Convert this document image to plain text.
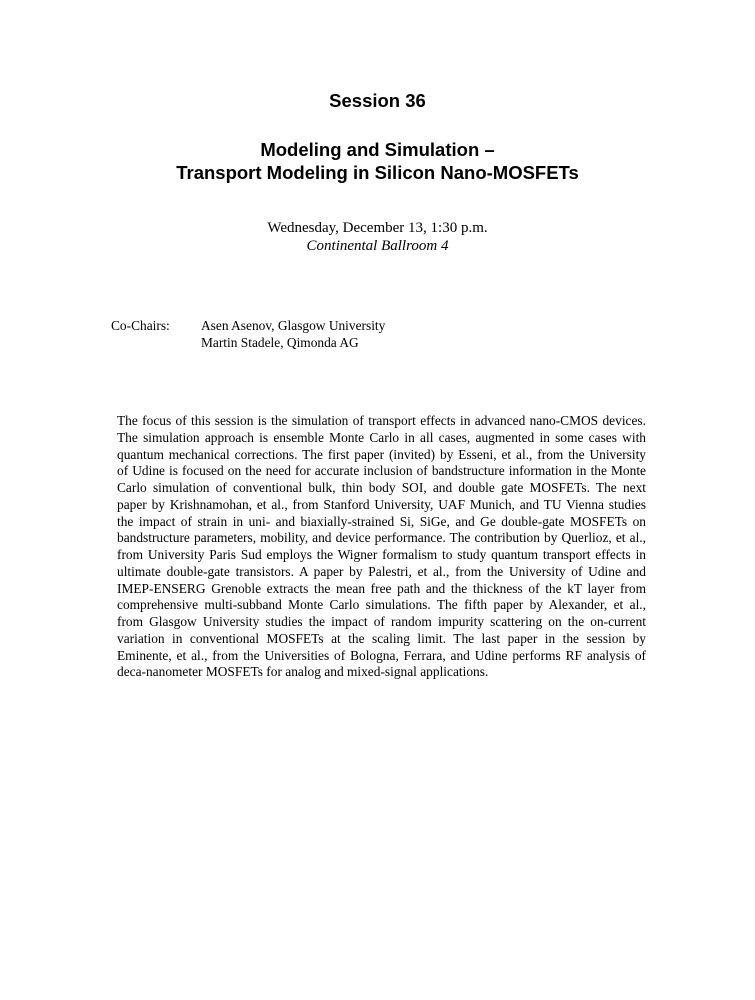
Session 36
Modeling and Simulation –
Transport Modeling in Silicon Nano-MOSFETs
Wednesday, December 13, 1:30 p.m.
Continental Ballroom 4
Co-Chairs:	Asen Asenov, Glasgow University
Martin Stadele, Qimonda AG

The focus of this session is the simulation of transport effects in advanced nano-CMOS devices.
The simulation approach is ensemble Monte Carlo in all cases, augmented in some cases with
quantum mechanical corrections. The first paper (invited) by Esseni, et al., from the University
of Udine is focused on the need for accurate inclusion of bandstructure information in the Monte
Carlo simulation of conventional bulk, thin body SOI, and double gate MOSFETs. The next
paper by Krishnamohan, et al., from Stanford University, UAF Munich, and TU Vienna studies
the impact of strain in uni- and biaxially-strained Si, SiGe, and Ge double-gate MOSFETs on
bandstructure parameters, mobility, and device performance. The contribution by Querlioz, et al.,
from University Paris Sud employs the Wigner formalism to study quantum transport effects in
ultimate double-gate transistors. A paper by Palestri, et al., from the University of Udine and
IMEP-ENSERG Grenoble extracts the mean free path and the thickness of the kT layer from
comprehensive multi-subband Monte Carlo simulations. The fifth paper by Alexander, et al.,
from Glasgow University studies the impact of random impurity scattering on the on-current
variation in conventional MOSFETs at the scaling limit. The last paper in the session by
Eminente, et al., from the Universities of Bologna, Ferrara, and Udine performs RF analysis of
deca-nanometer MOSFETs for analog and mixed-signal applications.
